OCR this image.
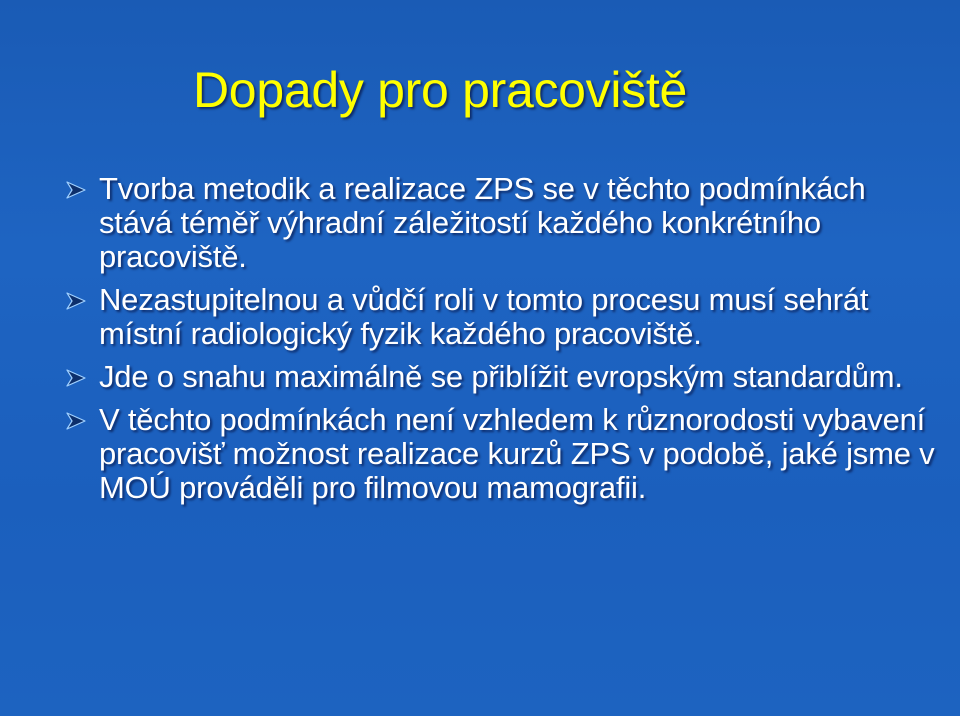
Dopady pro pracoviště
Tvorba metodik a realizace ZPS se v těchto podmínkách stává téměř výhradní záležitostí každého konkrétního pracoviště.
Nezastupitelnou a vůdčí roli v tomto procesu musí sehrát místní radiologický fyzik každého pracoviště.
Jde o snahu maximálně se přiblížit evropským standardům.
V těchto podmínkách není vzhledem k různorodosti vybavení pracovišť možnost realizace kurzů ZPS v podobě, jaké jsme v MOÚ prováděli pro filmovou mamografii.
